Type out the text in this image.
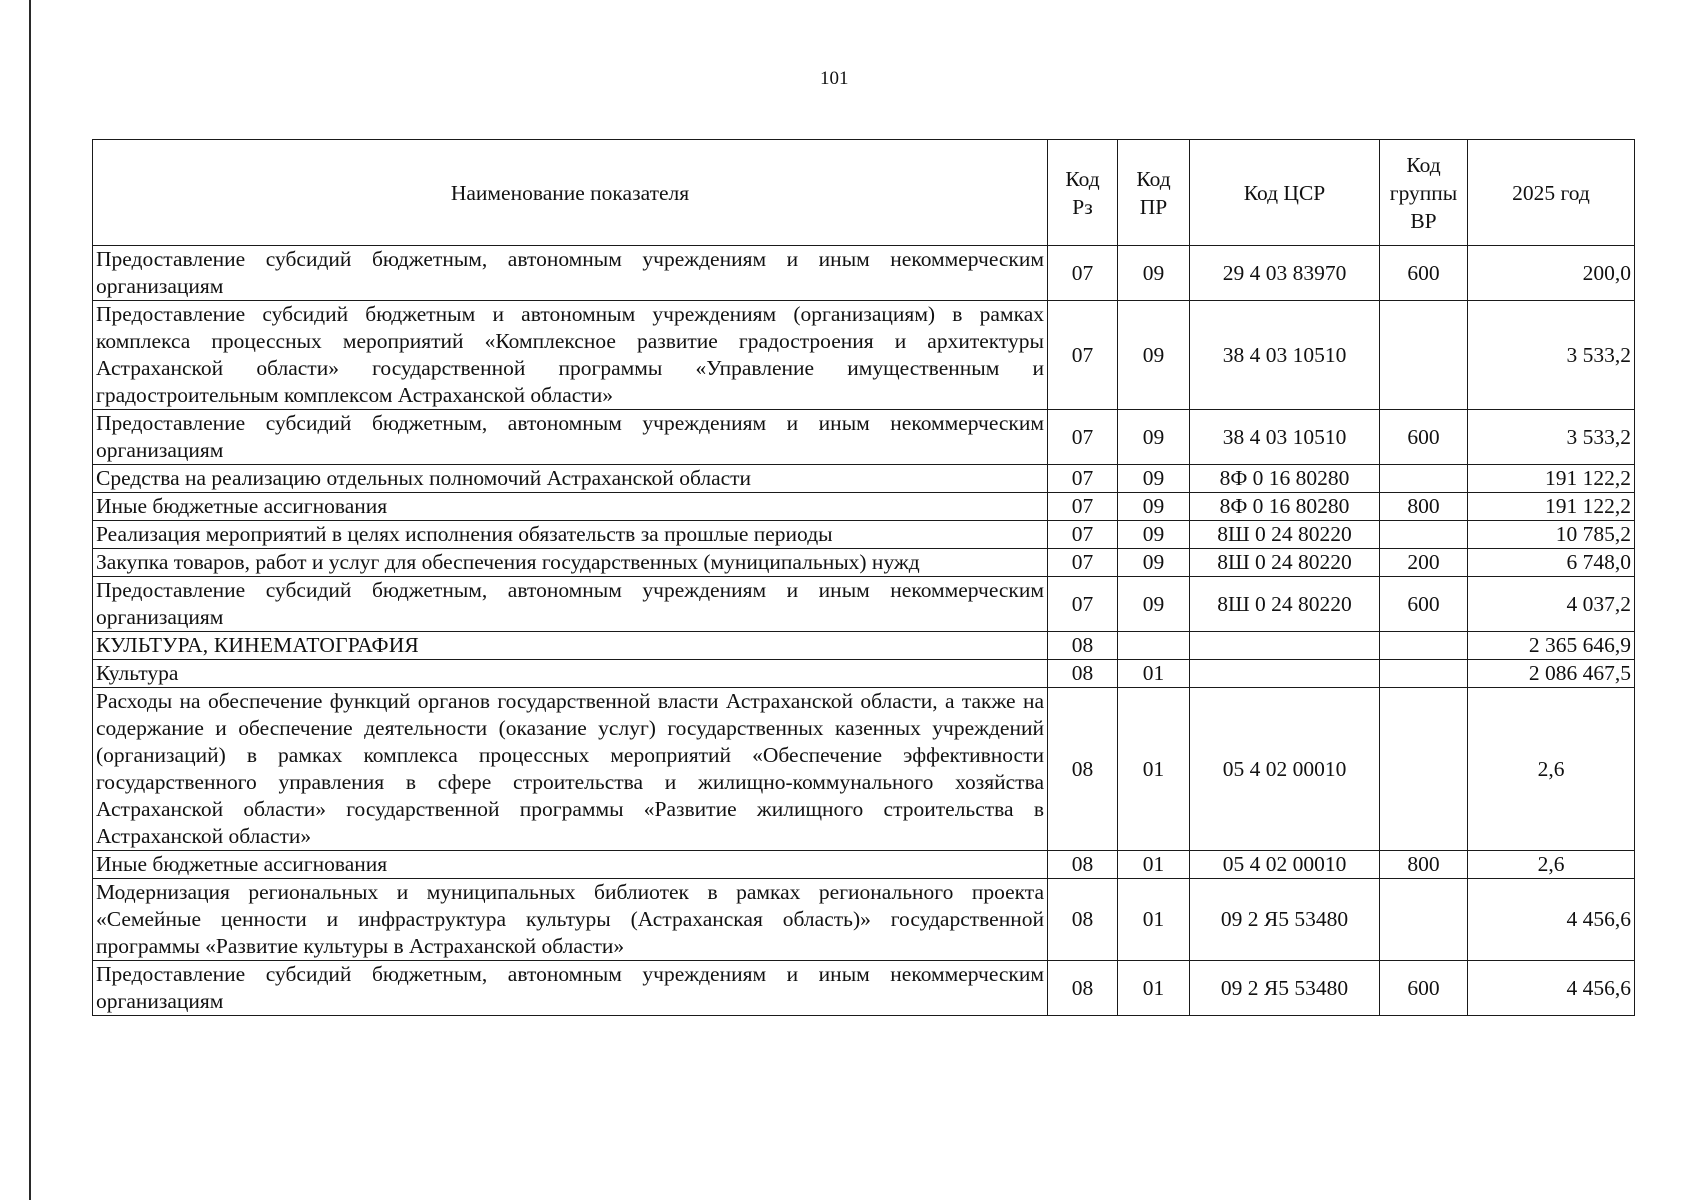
101
Наименование показателя	Код Рз	Код ПР	Код ЦСР	Код группы ВР	2025 год
Предоставление субсидий бюджетным, автономным учреждениям и иным некоммерческим организациям	07	09	29 4 03 83970	600	200,0
Предоставление субсидий бюджетным и автономным учреждениям (организациям) в рамках комплекса процессных мероприятий «Комплексное развитие градостроения и архитектуры Астраханской области» государственной программы «Управление имущественным и градостроительным комплексом Астраханской области»	07	09	38 4 03 10510		3 533,2
Предоставление субсидий бюджетным, автономным учреждениям и иным некоммерческим организациям	07	09	38 4 03 10510	600	3 533,2
Средства на реализацию отдельных полномочий Астраханской области	07	09	8Ф 0 16 80280		191 122,2
Иные бюджетные ассигнования	07	09	8Ф 0 16 80280	800	191 122,2
Реализация мероприятий в целях исполнения обязательств за прошлые периоды	07	09	8Ш 0 24 80220		10 785,2
Закупка товаров, работ и услуг для обеспечения государственных (муниципальных) нужд	07	09	8Ш 0 24 80220	200	6 748,0
Предоставление субсидий бюджетным, автономным учреждениям и иным некоммерческим организациям	07	09	8Ш 0 24 80220	600	4 037,2
КУЛЬТУРА, КИНЕМАТОГРАФИЯ	08				2 365 646,9
Культура	08	01			2 086 467,5
Расходы на обеспечение функций органов государственной власти Астраханской области, а также на содержание и обеспечение деятельности (оказание услуг) государственных казенных учреждений (организаций) в рамках комплекса процессных мероприятий «Обеспечение эффективности государственного управления в сфере строительства и жилищно-коммунального хозяйства Астраханской области» государственной программы «Развитие жилищного строительства в Астраханской области»	08	01	05 4 02 00010		2,6
Иные бюджетные ассигнования	08	01	05 4 02 00010	800	2,6
Модернизация региональных и муниципальных библиотек в рамках регионального проекта «Семейные ценности и инфраструктура культуры (Астраханская область)» государственной программы «Развитие культуры в Астраханской области»	08	01	09 2 Я5 53480		4 456,6
Предоставление субсидий бюджетным, автономным учреждениям и иным некоммерческим организациям	08	01	09 2 Я5 53480	600	4 456,6
